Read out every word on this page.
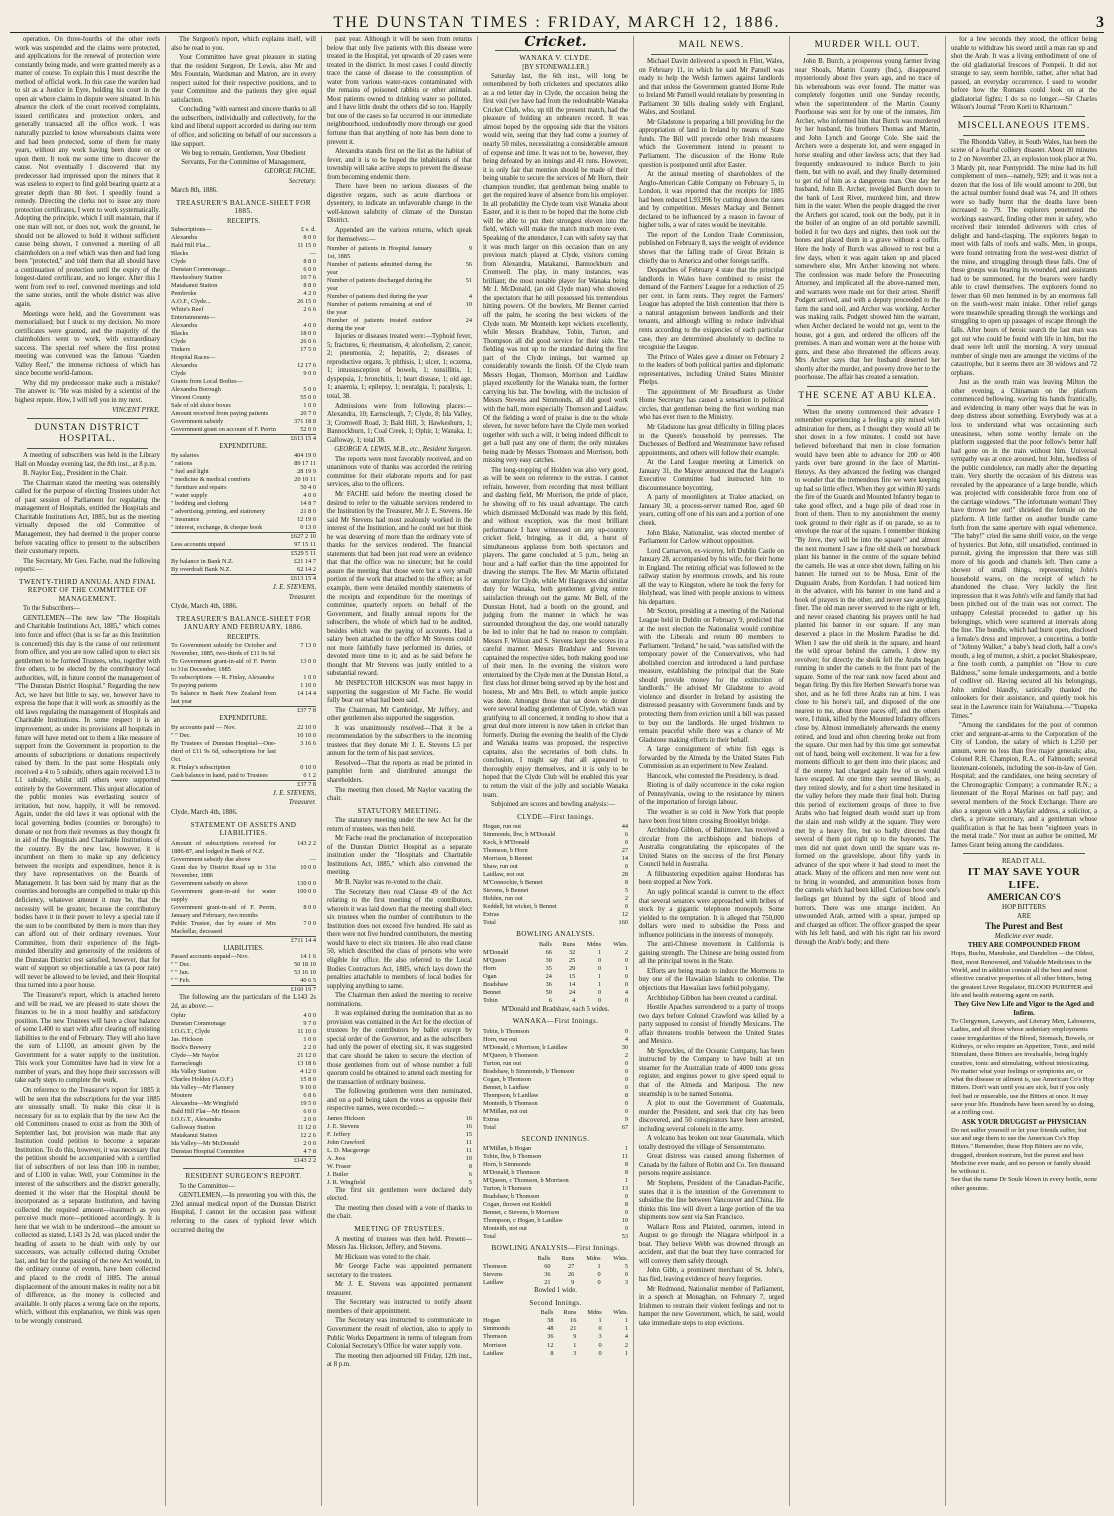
THE DUNSTAN TIMES : FRIDAY, MARCH 12, 1886.	3

operation. On three-fourths of the other reefs work was suspended and the claims were protected, and applications for the renewal of protection were constantly being made, and were granted merely as a matter of course. To explain this I must describe the method of official work. In this case the warden had to sit as a Justice in Eyre, holding his court in the open air where claims in dispute were situated. In his absence the clerk of the court received complaints, issued certificates and protection orders, and generally transacted all the office work. I was naturally puzzled to know whereabouts claims were and had been protected, some of them for many years, without any work having been done on or upon them. It took me some time to discover the cause. Not eventually I discovered that my predecessor had impressed upon the miners that it was useless to expect to find gold bearing quartz at a greater depth than 80 feet. I speedily found a remedy. Directing the clerks not to issue any more protection certificates, I went to work systematically. Adopting the principle, which I still maintain, that if one man will not, or does not, work the ground, he should not be allowed to hold it without sufficient cause being shown, I convened a meeting of all claimholders on a reef which was then and had long been "protected," and told them that all should have a continuation of protection until the expiry of the longest-dated certificate, and no longer. After this I went from reef to reef, convened meetings and told the same stories, until the whole district was alive again.

Meetings were held, and the Government was memorialised; but I stuck to my decision. No more certificates were granted, and the majority of the claimholders went to work, with extraordinary success. The special reef where the first protest meeting was convened was the famous "Garden Valley Reef," the immense richness of which has since become world-famous.

Why did my predecessor make such a mistake? The answer is: "He was misled by a scientist of the highest repute. How, I will tell you in my next.

VINCENT PYKE.
DUNSTAN DISTRICT HOSPITAL.

A meeting of subscribers was held in the Library Hall on Monday evening last, the 8th inst., at 8 p.m.

B. Naylor Esq., President in the Chair.

The Chairman stated the meeting was ostensibly called for the purpose of electing Trustees under Act of past session of Parliament for regulating the management of Hospitals, entitled the Hospitals and Charitable Institutions Act, 1885, but as the meeting virtually deposed the old Committee of Management, they had deemed it the proper course before vacating office to present to the subscribers their customary reports.

The Secretary, Mr Geo. Fache, read the following reports:—

TWENTY-THIRD ANNUAL AND FINAL REPORT OF THE COMMITTEE OF MANAGEMENT.

To the Subscribers—

GENTLEMEN—The new law "The Hospitals and Charitable Institutions Act, 1885," which comes into force and effect (that is so far as this Institution is concerned) this day is the cause of our retirement from office, and you are now called upon to elect six gentlemen to be formed Trustees, who, together with five others, to be elected by the contributory local authorities, will, in future control the management of "The Dunstan District Hospital." Regarding the new Act, we have but little to say, we, however have to express the hope that it will work as smoothly as the old laws regulating the management of Hospitals and Charitable Institutions. In some respect it is an improvement, as under its provisions all hospitals in future will have meted out to them a like measure of support from the Government in proportion to the amounts of subscriptions or donations respectively raised by them. In the past some Hospitals only received a 4 to 5 subsidy, others again received L3 to L1 subsidy, whilst still others were supported entirely by the Government. This unjust allocation of the public monies was everlasting source of irritation, but now, happily, it will be removed. Again, under the old laws it was optional with the local governing bodies (counties or boroughs) to donate or not from their revenues as they thought fit in aid of the Hospitals and Charitable Institutions of the country. By the new law, however, it is incumbent on them to make up any deficiency between the receipts and expenditure, hence it is they have representatives on the Boards of Management. It has been said by many that as the counties and boroughs are compelled to make up this deficiency, whatever amount it may be, that the necessity will be greater, because the contributory bodies have it in their power to levy a special rate if the sum to be contributed by them is more than they can afford out of their ordinary revenues. Your Committee, from their experience of the high-minded liberality and generosity of the residents of the Dunstan District rest satisfied, however, that for want of support so objectionable a tax (a poor rate) will never be allowed to be levied, and their Hospital thus turned into a poor house.

The Treasurer's report, which is attached hereto and will be read, we are pleased to state shows the finances to be in a most healthy and satisfactory position. The new Trustees will have a clear balance of some L400 to start with after clearing off existing liabilities to the end of February. They will also have the sum of L1100, an amount given by the Government for a water supply to the institution. This work your Committee have had in view for a number of years, and they hope their successors will take early steps to complete the work.

On reference to the Treasurer's report for 1885 it will be seen that the subscriptions for the year 1885 are unusually small. To make this clear it is necessary for us to explain that by the new Act the old Committees ceased to exist as from the 30th of September last, but provision was made that any Institution could petition to become a separate Institution. To do this, however, it was necessary that the petition should be accompanied with a certified list of subscribers of not less than 100 in number, and of L100 in value. Well, your Committee in the interest of the subscribers and the district generally, deemed it the wiser that the Hospital should be incorporated as a separate Institution, and having collected the required amount—inasmuch as you perceive much more—petitioned accordingly. It is here that we wish to be understood—the amount so collected as stated, L143 2s 2d, was placed under the heading of assets to be dealt with only by our successors, was actually collected during October last, and but for the passing of the new Act would, in the ordinary course of events, have been collected and placed to the credit of 1885. The annual displacement of the amount makes in reality not a bit of difference, as the money is collected and available. It only places a wrong face on the reports, which, without this explanation, we think was open to be wrongly construed.

The Surgeon's report, which explains itself, will also be read to you.

Your Committee have great pleasure in stating that the resident Surgeon, Dr Lewis, also Mr and Mrs Fountain, Wardsman and Matron, are in every respect suited for their respective positions, and to your Committee and the patients they give equal satisfaction.

Concluding "with earnest and sincere thanks to all the subscribers, individually and collectively, for the kind and liberal support accorded us during our term of office, and soliciting on behalf of our successors a like support.

We beg to remain, Gentlemen, Your Obedient Servants, For the Committee of Management,
GEORGE FACHE,
Secretary.
March 8th, 1886.
TREASURER'S BALANCE-SHEET FOR 1885.
RECEIPTS.
Subscriptions—	£ s. d.
Alexandra	8 0 0
Bald Hill Flat...	11 15 0
Blacks	—
Clyde	8 8 0
Dunstan Commonage...	6 0 0
Hawkesbury Station	10 7 6
Matakanui Station	8 8 0
Pembroke	4 2 0
A.O.F., Clyde...	26 15 0
White's Reef	2 6 6
Entertainments—	
Alexandra	4 0 0
Blacks	18 0 0
Clyde	26 0 6
Tinkers	17 5 0
Hospital Races—	
Alexandra	12 17 6
Clyde	9 0 0
Grants from Local Bodies—	
Alexandra Borough	5 0 0
Vincent County	55 0 0
Sale of old sluice boxes	1 0 0
Amount received from paying patients	20 7 0
Government subsidy	371 18 8
Government grant on account of F. Perrin	52 0 0
	£613 15 4
EXPENDITURE.
By salaries	404 19 0
" rations	89 17 11
" fuel and light	28 19 9
" medicine & medical comforts	20 10 11
" furniture and repairs	50 4 0
" water supply	4 0 0
" bedding and clothing	14 8 7
" advertising, printing, and stationery	21 8 0
" insurance	12 19 0
" interest, exchange, & cheque book	0 13 0
	£627 2 10
Less accounts unpaid	97 15 11
	£529 5 11
By balance in Bank N.Z.	£21 14 7
By overdraft Bank N.Z.	62 14 2
	£613 15 4
J. E. STEVENS,
Treasurer.
Clyde, March 4th, 1886.
TREASURER'S BALANCE-SHEET FOR JANUARY AND FEBRUARY, 1886.
RECEIPTS.
To Government subsidy for October and November, 1885, two-thirds of £11 9s 6d	7 13 0
To Government grant-in-aid of F. Perrin to 31st December, 1885	13 0 0
To subscriptions — R. Finlay, Alexandra	1 0 0
To paying patients	1 10 0
To balance in Bank New Zealand from last year	14 14 4
	£37 7 8
EXPENDITURE.
By accounts paid — Nov.	22 10 0
" " Dec.	10 10 0
By Trustees of Dunstan Hospital—One-third of £11 9s 6d, subscriptions for last Oct.	3 16 6
R. Finlay's subscription	0 10 0
Cash balance in hand, paid to Trustees	0 1 2
	£37 7 8
J. E. STEVENS,
Treasurer.
Clyde, March 4th, 1886.
STATEMENT OF ASSETS AND LIABILITIES.
Amount of subscriptions received for 1886-87, and lodged in Bank of N.Z.	143 2 2
Government subsidy due above	—
Grant due by District Road up to 31st November, 1886	10 0 0
Government subsidy on above	130 0 0
Government grant-in-aid for water supply	100 0 0
Government grant-in-aid of F. Perrin, January and February, two months	8 0 0
Public Trustee, due by estate of Mrs Mackellar, deceased	7 0 0
	£711 14 4
LIABILITIES.
Passed accounts unpaid—Nov.	14 1 6
" " Dec.	50 18 10
" " Jan.	53 16 10
" " Feb.	40 6 5
	£160 19 7

The following are the particulars of the L143 2s 2d, as above:—

Ophir	4 0 0
Dunstan Commonage	9 7 0
I.O.G.T., Clyde	11 10 0
Jas. Hickson	1 0 0
Bock's Brewery	2 2 0
Clyde—Mr Naylor	21 12 0
Earnscleugh	13 18 6
Ida Valley Station	4 12 0
Charles Holden (A.O.F.)	15 8 0
Ida Valley—Mr Flannery	9 10 0
Moutere	6 8 6
Alexandra—Mr Wingfield	19 5 0
Bald Hill Flat—Mr Hesson	6 0 0
I.O.G.T., Alexandra	2 0 0
Galloway Station	11 12 0
Matakanui Station	12 2 6
Ida Valley—Mr McDonald	2 0 0
Dunstan Hospital Committee	4 7 8
	£143 2 2
RESIDENT SURGEON'S REPORT.

To the Committee—

GENTLEMEN,—In presenting you with this, the 23rd annual medical report of the Dunstan District Hospital, I cannot let the occasion pass without referring to the cases of typhoid fever which occurred during the

past year. Although it will be seen from returns below that only five patients with this disease were treated in the Hospital, yet upwards of 20 cases were treated in the district. In most cases I could directly trace the cause of disease to the consumption of water from various water-races contaminated with the remains of poisoned rabbits or other animals. Most patients owned to drinking water so polluted, and I have little doubt the others did so too. Happily but one of the cases so far occurred in our immediate neighbourhood, undoubtedly more through our good fortune than that anything of note has been done to prevent it.

Alexandra stands first on the list as the habitat of fever, and it is to be hoped the inhabitants of that township will take active steps to prevent the disease from becoming endemic there.

There have been no serious diseases of the digestive organs, such as acute diarrhoea or dysentery, to indicate an unfavorable change in the well-known salubrity of climate of the Dunstan District.

Appended are the various returns, which speak for themselves:—

Number of patients in Hospital January 1st, 1885	9
Number of patients admitted during the year	56
Number of patients discharged during the year	51
Number of patients died during the year	4
Number of patients remaining at end of the year	10
Number of patients treated outdoor during the year	24

Injuries or diseases treated were:—Typhoid fever, 5; fractures, 6; rheumatism, 4; alcoholism, 2; cancer, 2; pneumonia, 2; hepatitis, 2; diseases of reproductive organs, 3; phthisis, 1; ulcer, 1; eczema, 1; intussusception of bowels, 1; tonsillitis, 1; dyspepsia, 1; bronchitis, 1; heart disease, 1; old age, 1; anaemia, 1; epilepsy, 1; neuralgia, 1; paralysis, 1; total, 38.

Admissions were from following places:—Alexandra, 10; Earnscleugh, 7; Clyde, 8; Ida Valley, 3; Cromwell Road, 3; Bald Hill, 3; Hawkeshurn, 1; Bannockburn, 1; Coal Creek, 1; Ophir, 1; Wanaka, 1; Galloway, 1; total 38.

GEORGE A. LEWIS, M.B., etc., Resident Surgeon.

The reports were most favorably received, and on unanimous vote of thanks was accorded the retiring committee for their elaborate reports and for past services, also to the officers.

Mr FACHE said before the meeting closed he desired to refer to the valuable services rendered to the Institution by the Treasurer, Mr J. E. Stevens. He said Mr Stevens had most zealously worked in the interest of the Institution, and he could not but think he was deserving of more than the ordinary vote of thanks for the services rendered. The financial statements that had been just read were an evidence that that the office was no sinecure; but he could assure the meeting that those were but a very small portion of the work that attached to the office; as for example, there were detailed monthly statements of the receipts and expenditure for the meetings of committee, quarterly reports on behalf of the Government, and finally annual reports for the subscribers, the whole of which had to be audited, besides which was the paying of accounts. Had a salary been attached to the office Mr Stevens could not more faithfully have performed its duties, or devoted more time to it; and as he said before he thought that Mr Stevens was justly entitled to a substantial reward.

Mr INSPECTOR HICKSON was most happy in supporting the suggestion of Mr Fache. He would fully bear out what had been said.

The Chairman, Mr Cambridge, Mr Jeffery, and other gentlemen also supported the suggestion.

It was unanimously resolved—That it be a recommendation by the subscribers to the incoming trustees that they donate Mr J. E. Stevens L5 per annum for the term of his past services.

Resolved—That the reports as read be printed in pamphlet form and distributed amongst the shareholders.

The meeting then closed, Mr Naylor vacating the chair.

STATUTORY MEETING.

The statutory meeting under the new Act for the return of trustees, was then held.

Mr Fache read the proclamation of incorporation of the Dunstan District Hospital as a separate institution under the "Hospitals and Charitable Institutions Act, 1885," which also convened the meeting.

Mr B. Naylor was re-voted to the chair.

The Secretary then read Clause 49 of the Act relating to the first meeting of the contributors, wherein it was laid down that the meeting shall elect six trustees when the number of contributors to the Institution does not exceed five hundred. He said as there were not five hundred contributors, the meeting would have to elect six trustees. He also read clause 50, which described the class of persons who were eligible for office. He also referred to the Local Bodies Contractors Act, 1885, which lays down the penalties attachable to members of local bodies for supplying anything to same.

The Chairman then asked the meeting to receive nominations.

It was explained during the nomination that as no provision was contained in the Act for the election of trustees by the contributors by ballot except by special order of the Governor, and as the subscribers had only the power of electing six, it was suggested that care should be taken to secure the election of those gentlemen from out of whose number a full quorum could be obtained to attend each meeting for the transaction of ordinary business.

The following gentlemen were then nominated, and on a poll being taken the votes as opposite their respective names, were recorded:—

James Hickson	16
J. E. Stevens	16
F. Jeffery	15
John Crawford	11
L. D. Macgeorge	11
A. Joss	10
W. Fraser	8
J. Butler	6
J. R. Wingfield	5

The first six gentlemen were declared duly elected.

The meeting then closed with a vote of thanks to the chair.

MEETING OF TRUSTEES.

A meeting of trustees was then held. Present—Messrs Jas. Hickson, Jeffery, and Stevens.

Mr Hickson was voted to the chair.

Mr George Fache was appointed permanent secretary to the trustees.

Mr J. E. Stevens was appointed permanent treasurer.

The Secretary was instructed to notify absent members of their appointment.

The Secretary was instructed to communicate to Government the result of election, also to apply to Public Works Department in terms of telegram from Colonial Secretary's Office for water supply vote.

The meeting then adjourned till Friday, 12th inst., at 8 p.m.

Cricket.
WANAKA V. CLYDE.
[BY STONEWALLER.]

Saturday last, the 6th inst., will long be remembered by both cricketers and spectators alike as a red letter day in Clyde, the occasion being the first visit (we have had from the redoubtable Wanaka Cricket Club, who, up till the present match, had the pleasure of holding an unbeaten record. It was almost hoped by the opposing side that the visitors would win, seeing that they had come a journey of nearly 50 miles, necessitating a considerable amount of expense and time. It was not to be, however, they being defeated by an innings and 41 runs. However, it is only fair that mention should be made of their being unable to secure the services of Mr Horn, their champion trundler, that gentleman being unable to get the required leave of absence from his employer. In all probability the Clyde team visit Wanaka about Easter, and it is then to be hoped that the home club will be able to put their strongest eleven into the field, which will make the match much more even. Speaking of the attendance, I can with safety say that it was much larger on this occasion than on any previous match played at Clyde, visitors coming from Alexandra, Matakanui, Bannockburn and Cromwell. The play, in many instances, was brilliant; the most notable player for Wanaka being Mr J. McDonald, (an old Clyde man) who showed the spectators that he still possessed his tremendous hitting powers. Of the bowlers, Mr Bennet carried off the palm, he scoring the best wickets of the Clyde team. Mr Monteith kept wickets excellently, while Messrs Bradshaw, Tobin, Turton, and Thompson all did good service for their side. The fielding was not up to the standard during the first part of the Clyde innings, but warmed up considerably towards the finish. Of the Clyde team Messrs Hogan, Thomson, Morrison and Laidlaw played excellently for the Wanaka team, the former carrying his bat. The bowling, with the inclusion of Messrs Stevens and Simmonds, all did good work with the ball, more especially Thomson and Laidlaw. Of the fielding a word of praise is due to the whole eleven, for never before have the Clyde men worked together with such a will, it being indeed difficult to get a ball past any one of them; the only mistakes being made by Messrs Thomson and Morrison, both missing very easy catches.

The long-stopping of Holden was also very good, as will be seen on reference to the extras. I cannot refrain, however, from recording that most brilliant and dashing field, Mr Morrison, the pride of place, he showing off to his usual advantage. The catch which dismissed McDonald was made by this field, and without exception, was the most brilliant performance I have witnessed on any up-country cricket field, bringing, as it did, a burst of simultaneous applause from both spectators and players. The game concluded at 5 p.m., being an hour and a half earlier than the time appointed for drawing the stumps. The Rev. Mr Martin officiated as umpire for Clyde, while Mr Hargraves did similar duty for Wanaka, both gentlemen giving entire satisfaction through out the game. Mr Bell, of the Dunstan Hotel, had a booth on the ground, and judging from the manner in which he was surrounded throughout the day, one would naturally be led to infer that he had no reason to complain. Messrs F. Wilson and S. Stevens kept the scores in a careful manner. Messrs Bradshaw and Stevens captained the respective sides, both making good use of their men. In the evening the visitors were entertained by the Clyde men at the Dunstan Hotel, a first class hot dinner being served up by the host and hostess, Mr and Mrs Bell, to which ample justice was done. Amongst those that sat down to dinner were several leading gentlemen of Clyde, which was gratifying to all concerned, it tending to show that a great deal more interest is now taken in cricket than formerly. During the evening the health of the Clyde and Wanaka teams was proposed, the respective captains, also the secretaries of both clubs. In conclusion, I might say that all appeared to thoroughly enjoy themselves, and it is only to be hoped that the Clyde Club will be enabled this year to return the visit of the jolly and sociable Wanaka team.

Subjoined are scores and bowling analysis:—

CLYDE—First Innings.
Hogan, run out	44
Simmonds, lbw, b M'Donald	6
Keck, b M'Donald	0
Thomson, b Horn	27
Morrison, b Bennet	14
Shaw, run out	0
Laidlaw, not out	28
M'Connochie, b Bennet	8
Stevens, b Bennet	5
Holden, run out	2
Keddell, hit wicket, b Bennet	0
Extras	12
Total	160
BOWLING ANALYSIS.
	Balls	Runs	Mdns	Wkts.
M'Donald	66	32	1	2
M'Queen	30	25	0	0
Horn	35	29	0	1
Ogan	24	15	1	0
Bradshaw	36	14	1	0
Bennet	50	24	0	4
Tobin	6	4	0	0
M'Donald and Bradshaw, each 5 wides.
WANAKA—First Innings.
Tobin, b Thomson	0
Horn, run out	4
M'Donald, c Morrison, b Laidlaw	30
M'Queen, b Thomson	2
Turton, run out	0
Bradshaw, b Simmonds, b Thomson	0
Cogan, b Thomson	0
Bennet, b Laidlaw	0
Thompson, b Laidlaw	8
Monteith, b Thomson	0
M'Millan, not out	0
Extras	9
Total	67
SECOND INNINGS.
M'Millan, b Hogan	1
Tobin, lbw, b Thomson	11
Horn, b Simmonds	8
M'Donald, b Thomson	8
M'Queen, c Thomson, b Morrison	1
Turton, b Thomson	13
Bradshaw, b Thomson	0
Cogan, thrown out Keddell	8
Bennet, c Stevens, b Morrison	0
Thompson, c Hogan, b Laidlaw	10
Monteith, not out	0
Total	53
BOWLING ANALYSIS—First Innings.
	Balls	Runs	Mdns	Wkts.
Thomson	60	27	1	5
Stevens	36	26	0	0
Laidlaw	21	9	0	3
Bowled 1 wide.
Second Innings.
	Balls	Runs	Mdns	Wkts.
Hogan	38	16	1	1
Simmonds	48	21	0	1
Thomson	36	9	3	4
Morrison	12	1	0	2
Laidlaw	8	3	0	1
MAIL NEWS.

Michael Davitt delivered a speech in Flint, Wales, on February 11, in which he said Mr Parnell was ready to help the Welsh farmers against landlords and that unless the Government granted Home Rule to Ireland Mr Parnell would retaliate by presenting in Parliament 30 bills dealing solely with England, Wales, and Scotland.

Mr Gladstone is preparing a bill providing for the appropriation of land in Ireland by means of State funds. The Bill will precede other Irish measures which the Government intend to present to Parliament. The discussion of the Home Rule question is postponed until after Easter.

At the annual meeting of shareholders of the Anglo-American Cable Company on February 5, in London, it was reported that the receipts for 1885 had been reduced L93,996 by cutting down the rates and by competition. Messrs Mackay and Bennett declared to be influenced by a reason in favour of higher tolls, a war of rates would be inevitable.

The report of the London Trade Commission, published on February 8, says the weight of evidence shows that the falling trade of Great Britain is chiefly due to America and other foreign tariffs.

Despatches of February 4 state that the principal landlords in Wales have combined to resist the demand of the Farmers' League for a reduction of 25 per cent. in farm rents. They regret the Farmers' League has adopted the Irish contention that there is a natural antagonism between landlords and their tenants, and although willing to reduce individual rents according to the exigencies of each particular case, they are determined absolutely to decline to recognise the League.

The Prince of Wales gave a dinner on February 2 to the leaders of both political parties and diplomatic representatives, including United States Minister Phelps.

The appointment of Mr Broadhurst as Under Home Secretary has caused a sensation in political circles, that gentleman being the first working man who has ever risen to the Ministry.

Mr Gladstone has great difficulty in filling places in the Queen's household by peeresses. The Duchesses of Bedford and Westminster have refused appointments, and others will follow their example.

At the Land League meeting at Limerick on January 31, the Mayor announced that the League's Executive Committee had instructed him to discountenance boycotting.

A party of moonlighters at Tralee attacked, on January 30, a process-server named Roe, aged 60 years, cutting off one of his ears and a portion of one cheek.

John Blake, Nationalist, was elected member of Parliament for Carlow without opposition.

Lord Carnarvon, ex-viceroy, left Dublin Castle on January 28, accompanied by his wife, for their home in England. The retiring official was followed to the railway station by enormous crowds, and his route all the way to Kingston, where he took the ferry for Holyhead, was lined with people anxious to witness his departure.

Mr Sexton, presiding at a meeting of the National League held in Dublin on February 9, predicted that at the next election the Nationalist would combine with the Liberals and return 80 members to Parliament. "Ireland," he said, "was satisfied with the temporary power of the Conservatives, who had abolished coercion and introduced a land purchase measure, establishing the principal that the State should provide money for the extinction of landlords." He advised Mr Gladstone to avoid violence and disorder in Ireland by assisting the distressed peasantry with Government funds and by protecting them from eviction until a bill was passed to buy out the landlords. He urged Irishmen to remain peaceful while there was a chance of Mr Gladstone making efforts in their behalf.

A large consignment of white fish eggs is forwarded by the Almeda by the United States Fish Commission as an experiment to New Zealand.

Hancock, who contested the Presidency, is dead.

Rioting is of daily occurrence in the coke region of Pennsylvania, owing to the resistance by miners of the importation of foreign labour.

The weather is so cold in New York that people have been frost bitten crossing Brooklyn bridge.

Archbishop Gibbon, of Baltimore, has received a circular from the archbishops and bishops of Australia congratulating the episcopates of the United States on the success of the first Plenary Council held in Australia.

A filibustering expedition against Honduras has been stopped at New York.

An ugly political scandal is current to the effect that several senators were approached with bribes of stock by a gigantic telephone monopoly. Some yielded to the temptation. It is alleged that 750,000 dollars were used to subsidise the Press and influence politicians in the interests of monopoly.

The anti-Chinese movement in California is gaining strength. The Chinese are being ousted from all the principal towns in the State.

Efforts are being made to induce the Mormons to buy one of the Hawaiian Islands to colonise. The objections that Hawaiian laws forbid polygamy.

Archbishop Gibbon has been created a cardinal.

Hostile Apaches surrendered to a party of troops two days before Colonel Crawford was killed by a party supposed to consist of friendly Mexicans. The affair threatens trouble between the United States and Mexico.

Mr Spreckles, of the Oceanic Company, has been instructed by the Company to have built at ten steamer for the Australian trade of 4000 tons gross register, and engines power to give speed equal to that of the Almeda and Mariposa. The new steamship is to be named Sonoma.

A plot to oust the Government of Guatemala, murder the President, and seek that city has been discovered, and 50 conspirators have been arrested, including several colonels in the army.

A volcano has broken out near Guatemala, which totally destroyed the village of Sensonstenano.

Great distress was caused among fishermen of Canada by the failure of Robin and Co. Ten thousand persons require assistance.

Mr Stephens, President of the Canadian-Pacific, states that it is the intention of the Government to subsidise the line between Vancouver and China. He thinks this line will divert a large portion of the tea shipments now sent via San Francisco.

Wallace Ross and Plaisted, oarsmen, intend in August to go through the Niagara whirlpool in a boat. They believe Webb was drowned through an accident, and that the boat they have contracted for will convey them safely through.

John Gibb, a prominent merchant of St. John's, has fled, leaving evidence of heavy forgeries.

Mr Redmond, Nationalist member of Parliament, in a speech at Monaghan, on February 7, urged Irishmen to restrain their violent feelings and not to hamper the new Government, which, he said, would take immediate steps to stop evictions.

MURDER WILL OUT.

John B. Burch, a prosperous young farmer living near Shoals, Martin County (Ind.), disappeared mysteriously about five years ago, and no trace of his whereabouts was ever found. The matter was completely forgotten until one Sunday recently, when the superintendent of the Martin County Poorhouse was sent for by one of the inmates, Jim Archer, who informed him that Burch was murdered by her husband, his brothers Thomas and Martin, and John Lynch and George Cole. She said the Archers were a desperate lot, and were engaged in horse stealing and other lawless acts; that they had frequently endeavoured to induce Burch to join them, but with no avail, and they finally determined to get rid of him as a dangerous man. One day her husband, John B. Archer, inveigled Burch down to the bank of Lost River, murdered him, and threw him in the water. When the people dragged the river the Archers got scared, took out the body, put it in the boiler of an engine of an old portable sawmill, boiled it for two days and nights, then took out the bones and placed them in a grave without a coffin. Here the body of Burch was allowed to rest but a few days, when it was again taken up and placed somewhere else, Mrs Archer knowing not where. The confession was made before the Prosecuting Attorney, and implicated all the above-named men, and warrants were made out for their arrest. Sheriff Podgett arrived, and with a deputy proceeded to the farm the sand soil, and Archer was working. Archer was making rails. Podgett showed him the warrant, when Archer declared he would not go, went to the house, got a gun, and ordered the officers off the premises. A man and woman were at the house with guns, and these also threatened the officers away. Mrs Archer says that her husband deserted her shortly after the murder, and poverty drove her to the poorhouse. The affair has created a sensation.

THE SCENE AT ABU KLEA.

When the enemy commenced their advance I remember experiencing a feeling a pity mixed with admiration for them, as I thought they would all be shot down in a few minutes. I could not have believed beforehand that men in close formation would have been able to advance for 200 or 400 yards over bare ground in the face of Martini-Henrys. As they advanced the feeling was changed to wonder that the tremendous fire we were keeping up had so little effect. When they got within 80 yards the fire of the Guards and Mounted Infantry began to take good effect, and a huge pile of dead rose in front of them. Then to my astonishment the enemy took ground to their right as if on parade, so as to envelope the rear of the square. I remember thinking "By Jove, they will be into the square!" and almost the next moment I saw a fine old sheik on horseback plant his banner in the centre of the square behind the camels. He was at once shot down, falling on his banner. He turned out to be Musa, Emir of the Duguaim Arabs, from Kordofan. I had noticed him in the advance, with his banner in one hand and a book of prayers in the other, and never saw anything finer. The old man never swerved to the right or left, and never ceased chanting his prayers until he had planted his banner in our square. If any man deserved a place in the Moslem Paradise he did. When I saw the old sheik in the square, and heard the wild uproar behind the camels, I drew my revolver; for directly the sheik fell the Arabs began running in under the camels to the front part of the square. Some of the rear rank now faced about and began firing. By this fire Herbert Stewart's horse was shot, and as he fell three Arabs ran at him. I was close to his horse's tail, and disposed of the one nearest to me, about three paces off; and the others were, I think, killed by the Mounted Infantry officers close by. Almost immediately afterwards the enemy retired, and loud and often cheering broke out from the square. Our men had by this time got somewhat out of hand, being well excitement. It was for a few moments difficult to get them into their places; and if the enemy had charged again few of us would have escaped. At one time they seemed likely, as they retired slowly, and for a short time hesitated in the valley before they made their final bolt. During this period of excitement groups of three to five Arabs who had feigned death would start up from the slain and rush wildly at the square. They were met by a heavy fire, but so badly directed that several of them got right up to the bayonets. The men did not quiet down until the square was re-formed on the gravelslope, about fifty yards in advance of the spot where it had stood to meet the attack. Many of the officers and men now went out to bring in wounded, and ammunition boxes from the camels which had been killed. Curious how one's feelings get blunted by the sight of blood and horrors. There was one strange incident. An unwounded Arab, armed with a spear, jumped up and charged an officer. The officer grasped the spear with his left hand, and with his right ran his sword through the Arab's body; and there

for a few seconds they stood, the officer being unable to withdraw his sword until a man ran up and shot the Arab. It was a living embodiment of one of the old gladiatorial frescoes of Pompeii. It did not strange to say, seem horrible, rather, after what had passed, an everyday occurrence. I used to wonder before how the Romans could look on at the gladiatorial fights; I do so no longer.—Sir Charles Wilson's Journal "From Korti to Khartoum."

MISCELLANEOUS ITEMS.

The Rhondda Valley, in South Wales, has been the scene of a fearful colliery disaster. About 20 minutes to 2 on November 23, an explosion took place at No. 3 Mardy pit, near Pontypridd. The mine had its full complement of men—namely, 929; and it was not a dozen that the loss of life would amount to 200, but the actual number found dead was 74, and 10 others were so badly burnt that the deaths have been increased to 79. The explorers penetrated the workings eastward, finding other men in safety, who received their intended deliverers with cries of delight and hand-clasping. The explorers began to meet with falls of roofs and walls. Men, in groups, were found retreating from the west-west district of the mine, and struggling through these falls. One of these groups was bearing its wounded, and assistants had to be summoned, for the bearers were hardly able to crawl themselves. The explorers found no fewer than 60 men hemmed in by an enormous fall on the south-west main intake. Other relief gangs were meanwhile spreading through the workings and struggling to open up passages of escape through the falls. After hours of heroic search the last man was got out who could be found with life in him, but the dead were left until the morning. A very unusual number of single men are amongst the victims of the catastrophe, but it seems there are 30 widows and 72 orphans.

Just as the south train was leaving Milton the other evening, a Chinaman on the platform commenced bellowing, waving his hands frantically, and evidencing in many other ways that he was in deep distress about something. Everybody was at a loss to understand what was occasioning such uneasiness, when some worthy female on the platform suggested that the poor fellow's better half had gone on in the train without him. Universal sympathy was at once aroused, but John, heedless of the public condolence, ran madly after the departing train. Very shortly the occasion of his distress was revealed by the appearance of a large bundle, which was projected with considerable force from one of the carriage windows. "The infortunate woman! They have thrown her out!" shrieked the female on the platform. A little farther on another bundle came forth from the same aperture with equal vehemence. "The baby!" cried the same shrill voice, on the verge of hysterics. But John, still unsatisfied, continued in pursuit, giving the impression that there was still more of his goods and chattels left. Then came a shower of small things, representing John's household wares, on the receipt of which he abandoned the chase. Very luckily the first impression that it was John's wife and family that had been pitched out of the train was not correct. The unhappy Celestial proceeded to gather up his belongings, which were scattered at intervals along the line. The bundle, which had burst open, disclosed a female's dress and improver, a concertina, a bottle of "Johnny Walker," a baby's head cloth, half a cow's mouth, a leg of mutton, a shirt, a pocket Shakespeare, a fine tooth comb, a pamphlet on "How to cure Baldness," some female undergarments, and a bottle of codliver oil. Having secured all his belongings, John smiled blandly, satirically thanked the onlookers for their assistance, and quietly took his seat in the Lawrence train for Waitahuna.—"Tuapeka Times."

"Among the candidates for the post of common crier and sergeant-at-arms to the Corporation of the City of London, the salary of which is L250 per annum, were no less than five major generals; also, Colonel R.H. Champion, R.A., of Falmouth; several lieutenant-colonels, including the son-in-law of Gen. Hospital; and the candidates, one being secretary of the Chronographic Company; a commander R.N.; a lieutenant of the Royal Marines on half pay; and several members of the Stock Exchange. There are also a surgeon with a Mayfair address, a solicitor, a clerk, a private secretary, and a gentleman whose qualification is that he has been "eighteen years in the metal trade." Nor must an author be omitted, Mr James Grant being among the candidates.

READ IT ALL.
IT MAY SAVE YOUR LIFE.
AMERICAN CO'S
HOP BITTERS
ARE
The Purest and Best
Medicine ever made.
THEY ARE COMPOUNDED FROM
Hops, Buchu, Mandrake, and Dandelion —the Oldest, Best, most Renowned, and Valuable Medicines in the World, and in addition contain all the best and most effective curative properties of all other bitters, being the greatest Liver Regulator, BLOOD PURIFIER and life and health restoring agent on earth.
They Give New Life and Vigor to the Aged and Infirm.
To Clergymen, Lawyers, and Literary Men, Labourers, Ladies, and all those whose sedentary employments cause irregularities of the Blood, Stomach, Bowels, or Kidneys, or who require an Appetizer, Tonic, and mild Stimulant, these Bitters are invaluable, being highly curative, tonic and stimulating, without intoxicating.
No matter what your feelings or symptoms are, or what the disease or ailment is, use American Co's Hop Bitters. Don't wait until you are sick, but if you only feel bad or miserable, use the Bitters at once. It may save your life. Hundreds have been saved by so doing, at a trifling cost.
ASK YOUR DRUGGIST or PHYSICIAN
Do not suffer yourself or let your friends suffer, but use and urge them to use the American Co's Hop Bitters." Remember, these Hop Bitters are no vile, drugged, drunken nostrum, but the purest and best Medicine ever made, and no person or family should be without it.
See that the name Dr Soule blown in every bottle, none other genuine.
